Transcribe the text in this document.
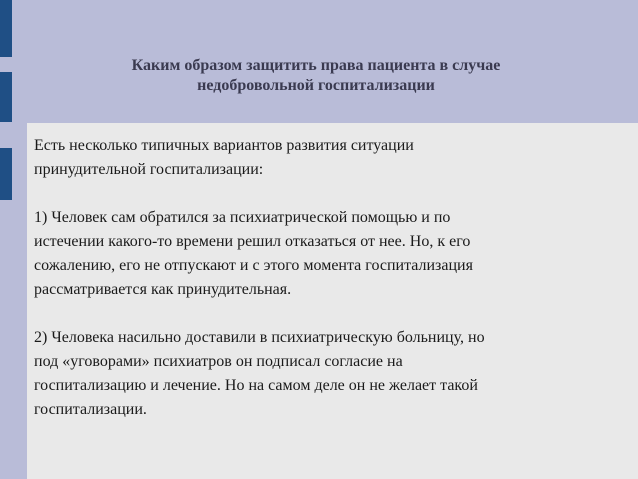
Каким образом защитить права пациента в случае
недобровольной госпитализации

Есть несколько типичных вариантов развития ситуации
принудительной госпитализации:

1) Человек сам обратился за психиатрической помощью и по
истечении какого-то времени решил отказаться от нее. Но, к его
сожалению, его не отпускают и с этого момента госпитализация
рассматривается как принудительная.

2) Человека насильно доставили в психиатрическую больницу, но
под «уговорами» психиатров он подписал согласие на
госпитализацию и лечение. Но на самом деле он не желает такой
госпитализации.
